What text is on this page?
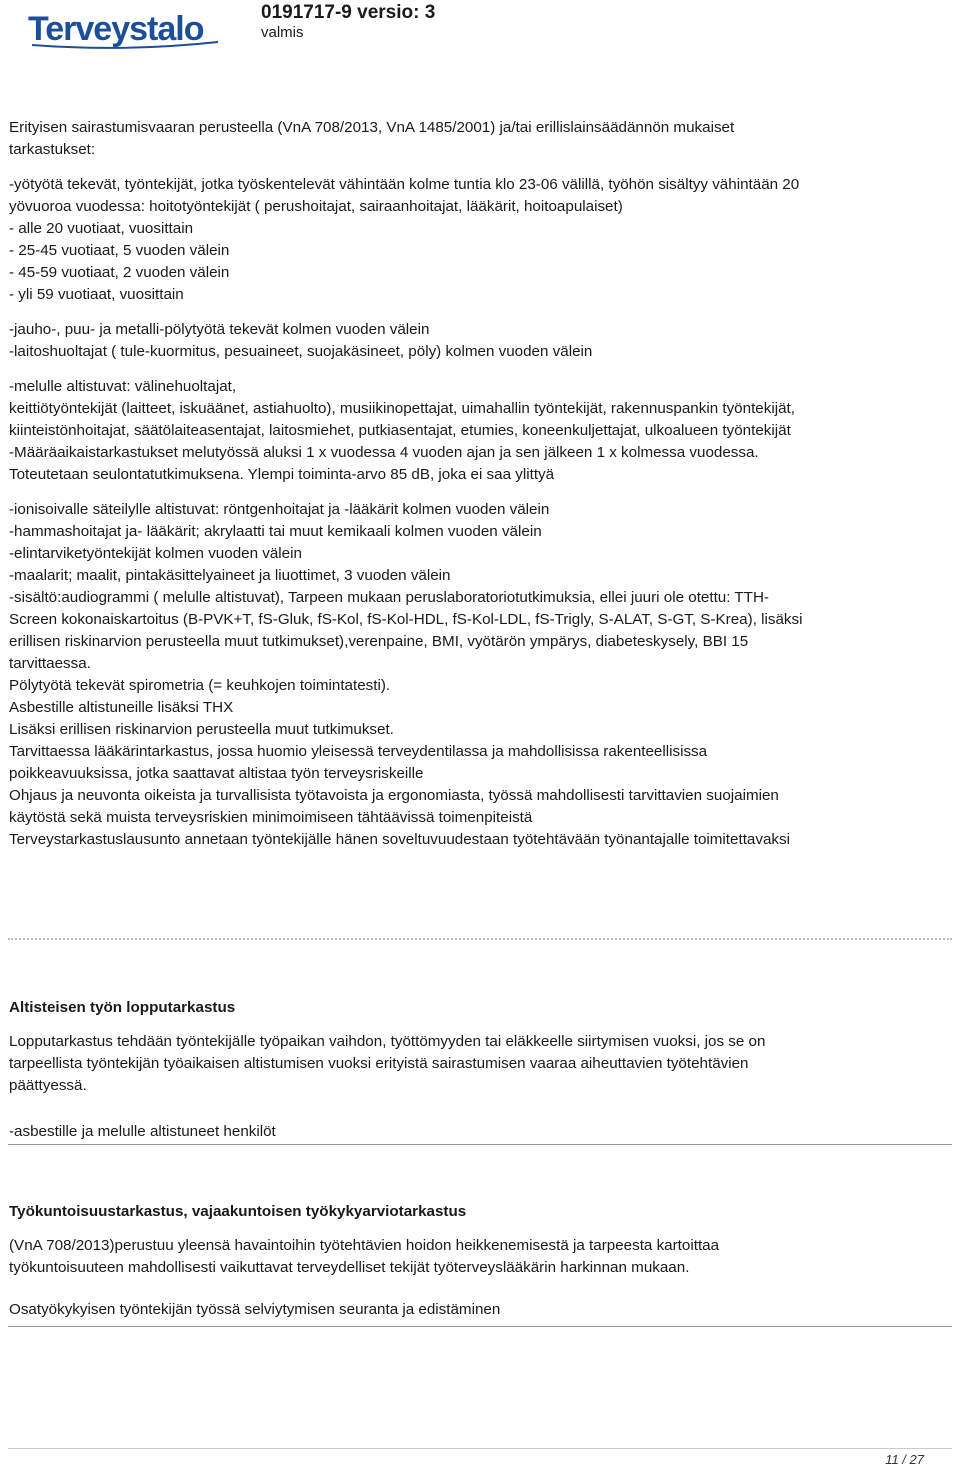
Terveystalo	0191717-9 versio: 3
valmis
Erityisen sairastumisvaaran perusteella (VnA 708/2013, VnA 1485/2001) ja/tai erillislainsäädännön mukaiset
tarkastukset:
-yötyötä tekevät, työntekijät, jotka työskentelevät vähintään kolme tuntia klo 23-06 välillä, työhön sisältyy vähintään 20
yövuoroa vuodessa: hoitotyöntekijät ( perushoitajat, sairaanhoitajat, lääkärit, hoitoapulaiset)
- alle 20 vuotiaat, vuosittain
- 25-45 vuotiaat, 5 vuoden välein
- 45-59 vuotiaat, 2 vuoden välein
- yli 59 vuotiaat, vuosittain
-jauho-, puu- ja metalli-pölytyötä tekevät kolmen vuoden välein
-laitoshuoltajat ( tule-kuormitus, pesuaineet, suojakäsineet, pöly) kolmen vuoden välein
-melulle altistuvat: välinehuoltajat,
keittiötyöntekijät (laitteet, iskuäänet, astiahuolto), musiikinopettajat, uimahallin työntekijät, rakennuspankin työntekijät,
kiinteistönhoitajat, säätölaiteasentajat, laitosmiehet, putkiasentajat, etumies, koneenkuljettajat, ulkoalueen työntekijät
-Määräaikaistarkastukset melutyössä aluksi 1 x vuodessa 4 vuoden ajan ja sen jälkeen 1 x kolmessa vuodessa.
Toteutetaan seulontatutkimuksena. Ylempi toiminta-arvo 85 dB, joka ei saa ylittyä
-ionisoivalle säteilylle altistuvat: röntgenhoitajat ja -lääkärit kolmen vuoden välein
-hammashoitajat ja- lääkärit; akrylaatti tai muut kemikaali kolmen vuoden välein
-elintarviketyöntekijät kolmen vuoden välein
-maalarit; maalit, pintakäsittelyaineet ja liuottimet, 3 vuoden välein
-sisältö:audiogrammi ( melulle altistuvat), Tarpeen mukaan peruslaboratoriotutkimuksia, ellei juuri ole otettu: TTH-
Screen kokonaiskartoitus (B-PVK+T, fS-Gluk, fS-Kol, fS-Kol-HDL, fS-Kol-LDL, fS-Trigly, S-ALAT, S-GT, S-Krea), lisäksi
erillisen riskinarvion perusteella muut tutkimukset),verenpaine, BMI, vyötärön ympärys, diabeteskysely, BBI 15
tarvittaessa.
Pölytyötä tekevät spirometria (= keuhkojen toimintatesti).
Asbestille altistuneille lisäksi THX
Lisäksi erillisen riskinarvion perusteella muut tutkimukset.
Tarvittaessa lääkärintarkastus, jossa huomio yleisessä terveydentilassa ja mahdollisissa rakenteellisissa
poikkeavuuksissa, jotka saattavat altistaa työn terveysriskeille
Ohjaus ja neuvonta oikeista ja turvallisista työtavoista ja ergonomiasta, työssä mahdollisesti tarvittavien suojaimien
käytöstä sekä muista terveysriskien minimoimiseen tähtäävissä toimenpiteistä
Terveystarkastuslausunto annetaan työntekijälle hänen soveltuvuudestaan työtehtävään työnantajalle toimitettavaksi
Altisteisen työn lopputarkastus
Lopputarkastus tehdään työntekijälle työpaikan vaihdon, työttömyyden tai eläkkeelle siirtymisen vuoksi, jos se on
tarpeellista työntekijän työaikaisen altistumisen vuoksi erityistä sairastumisen vaaraa aiheuttavien työtehtävien
päättyessä.
-asbestille ja melulle altistuneet henkilöt
Työkuntoisuustarkastus, vajaakuntoisen työkykyarviotarkastus
(VnA 708/2013)perustuu yleensä havaintoihin työtehtävien hoidon heikkenemisestä ja tarpeesta kartoittaa
työkuntoisuuteen mahdollisesti vaikuttavat terveydelliset tekijät työterveyslääkärin harkinnan mukaan.
Osatyökykyisen työntekijän työssä selviytymisen seuranta ja edistäminen
11 / 27
